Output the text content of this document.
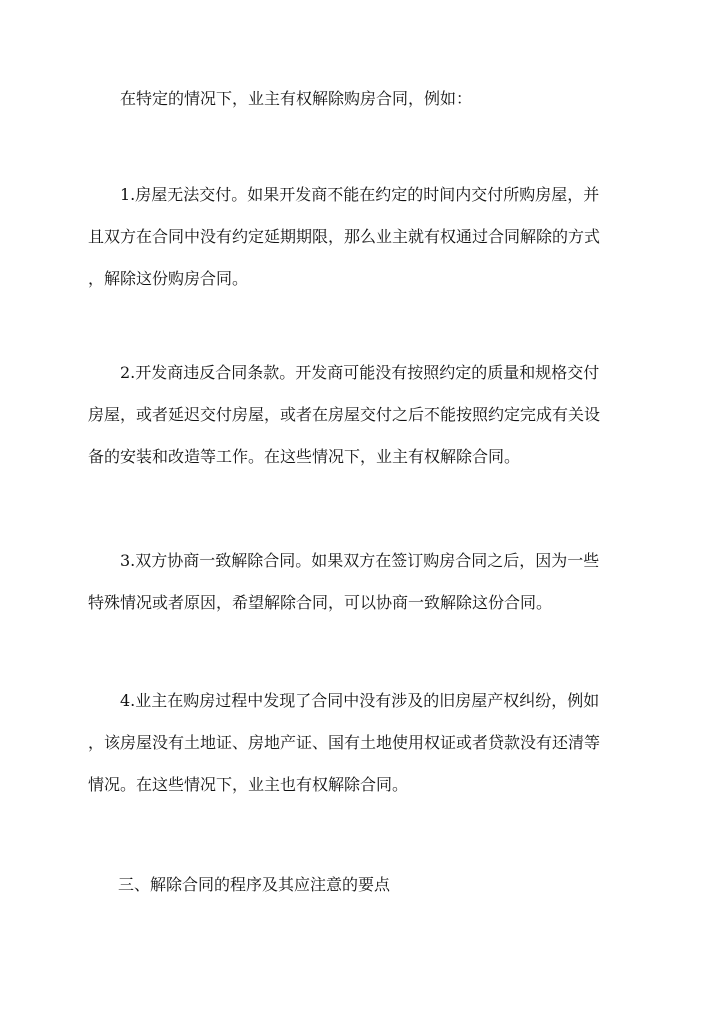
在特定的情况下，业主有权解除购房合同，例如：

1.房屋无法交付。如果开发商不能在约定的时间内交付所购房屋，并
且双方在合同中没有约定延期期限，那么业主就有权通过合同解除的方式
，解除这份购房合同。

2.开发商违反合同条款。开发商可能没有按照约定的质量和规格交付
房屋，或者延迟交付房屋，或者在房屋交付之后不能按照约定完成有关设
备的安装和改造等工作。在这些情况下，业主有权解除合同。

3.双方协商一致解除合同。如果双方在签订购房合同之后，因为一些
特殊情况或者原因，希望解除合同，可以协商一致解除这份合同。

4.业主在购房过程中发现了合同中没有涉及的旧房屋产权纠纷，例如
，该房屋没有土地证、房地产证、国有土地使用权证或者贷款没有还清等
情况。在这些情况下，业主也有权解除合同。

三、解除合同的程序及其应注意的要点
